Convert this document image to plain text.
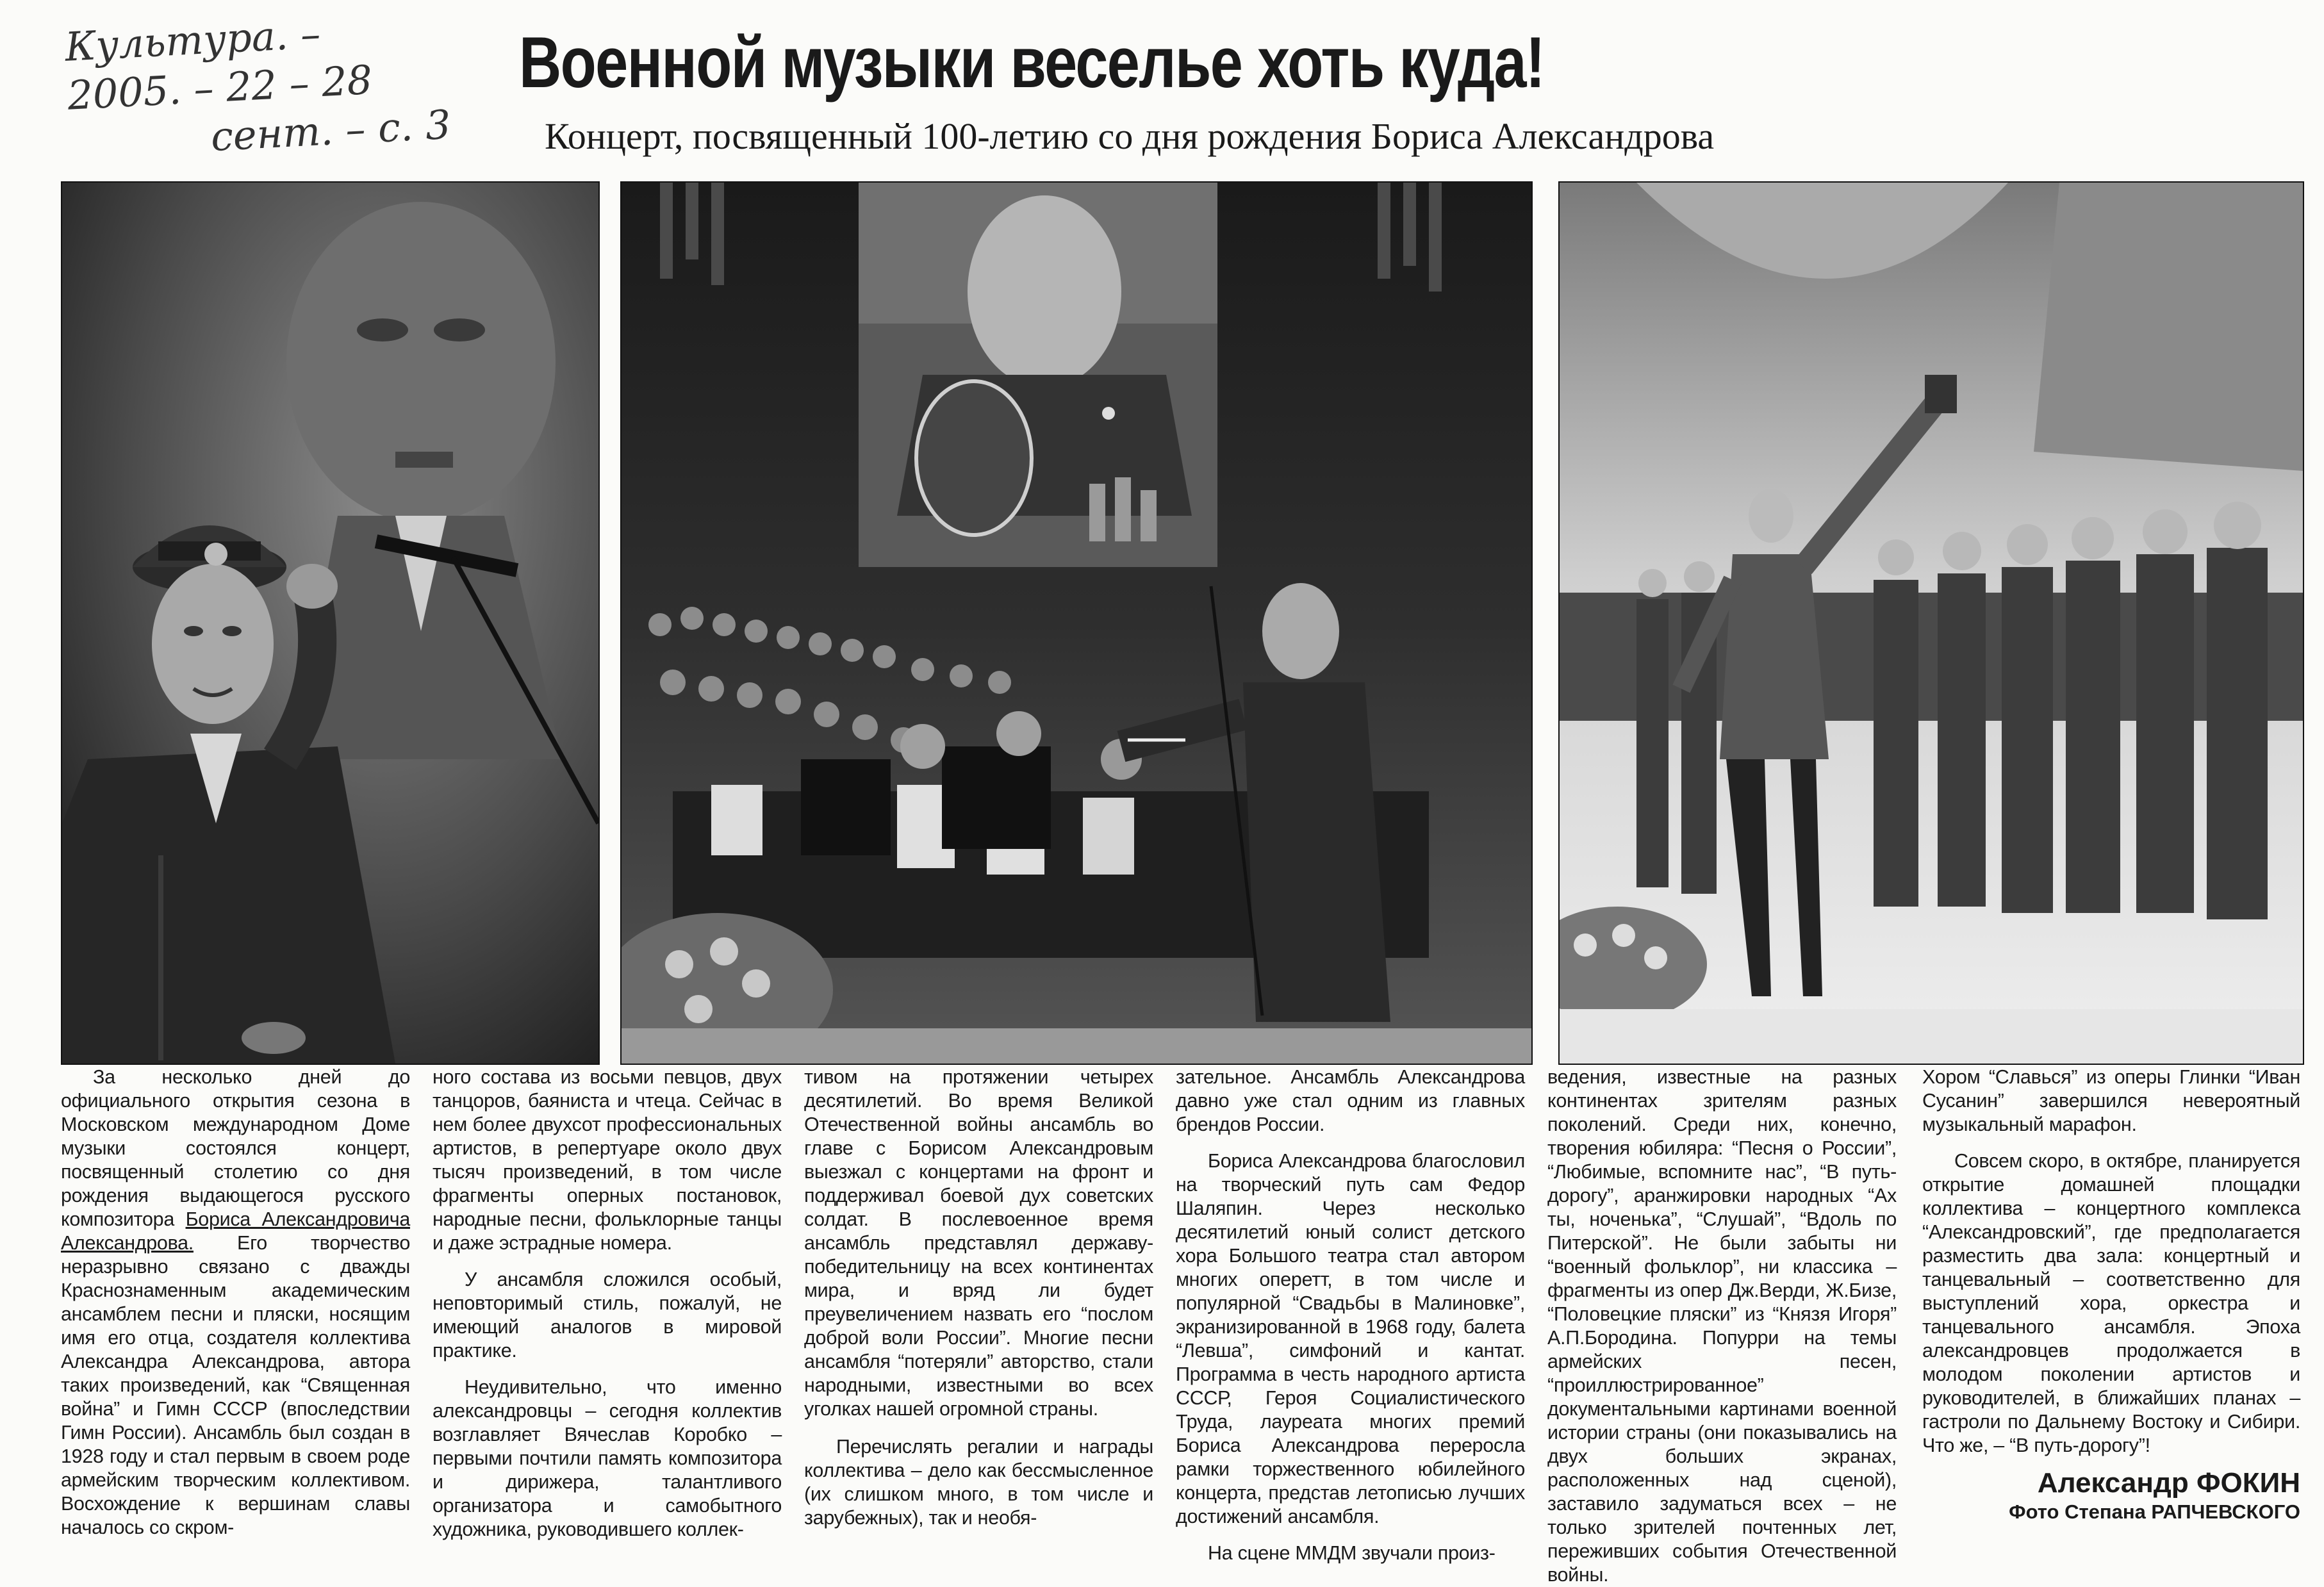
Культура. –
2005. – 22 – 28
сент. – с. 3
Военной музыки веселье хоть куда!
Концерт, посвященный 100-летию со дня рождения Бориса Александрова

За несколько дней до официального открытия сезона в Московском международном Доме музыки состоялся концерт, посвященный столетию со дня рождения выдающегося русского композитора Бориса Александровича Александрова. Его творчество неразрывно связано с дважды Краснознаменным академическим ансамблем песни и пляски, носящим имя его отца, создателя коллектива Александра Александрова, автора таких произведений, как “Священная война” и Гимн СССР (впоследствии Гимн России). Ансамбль был создан в 1928 году и стал первым в своем роде армейским творческим коллективом. Восхождение к вершинам славы началось со скром-

ного состава из восьми певцов, двух танцоров, баяниста и чтеца. Сейчас в нем более двухсот профессиональных артистов, в репертуаре около двух тысяч произведений, в том числе фрагменты оперных постановок, народные песни, фольклорные танцы и даже эстрадные номера.

У ансамбля сложился особый, неповторимый стиль, пожалуй, не имеющий аналогов в мировой практике.

Неудивительно, что именно александровцы – сегодня коллектив возглавляет Вячеслав Коробко – первыми почтили память композитора и дирижера, талантливого организатора и самобытного художника, руководившего коллек-

тивом на протяжении четырех десятилетий. Во время Великой Отечественной войны ансамбль во главе с Борисом Александровым выезжал с концертами на фронт и поддерживал боевой дух советских солдат. В послевоенное время ансамбль представлял державу-победительницу на всех континентах мира, и вряд ли будет преувеличением назвать его “послом доброй воли России”. Многие песни ансамбля “потеряли” авторство, стали народными, известными во всех уголках нашей огромной страны.

Перечислять регалии и награды коллектива – дело как бессмысленное (их слишком много, в том числе и зарубежных), так и необя-

зательное. Ансамбль Александрова давно уже стал одним из главных брендов России.

Бориса Александрова благословил на творческий путь сам Федор Шаляпин. Через несколько десятилетий юный солист детского хора Большого театра стал автором многих оперетт, в том числе и популярной “Свадьбы в Малиновке”, экранизированной в 1968 году, балета “Левша”, симфоний и кантат. Программа в честь народного артиста СССР, Героя Социалистического Труда, лауреата многих премий Бориса Александрова переросла рамки торжественного юбилейного концерта, представ летописью лучших достижений ансамбля.

На сцене ММДМ звучали произ-

ведения, известные на разных континентах зрителям разных поколений. Среди них, конечно, творения юбиляра: “Песня о России”, “Любимые, вспомните нас”, “В путь-дорогу”, аранжировки народных “Ах ты, ноченька”, “Слушай”, “Вдоль по Питерской”. Не были забыты ни “военный фольклор”, ни классика – фрагменты из опер Дж.Верди, Ж.Бизе, “Половецкие пляски” из “Князя Игоря” А.П.Бородина. Попурри на темы армейских песен, “проиллюстрированное” документальными картинами военной истории страны (они показывались на двух больших экранах, расположенных над сценой), заставило задуматься всех – не только зрителей почтенных лет, переживших события Отечественной войны.

Хором “Славься” из оперы Глинки “Иван Сусанин” завершился невероятный музыкальный марафон.

Совсем скоро, в октябре, планируется открытие домашней площадки коллектива – концертного комплекса “Александровский”, где предполагается разместить два зала: концертный и танцевальный – соответственно для выступлений хора, оркестра и танцевального ансамбля. Эпоха александровцев продолжается в молодом поколении артистов и руководителей, в ближайших планах – гастроли по Дальнему Востоку и Сибири. Что же, – “В путь-дорогу”!

Александр ФОКИН
Фото Степана РАПЧЕВСКОГО
